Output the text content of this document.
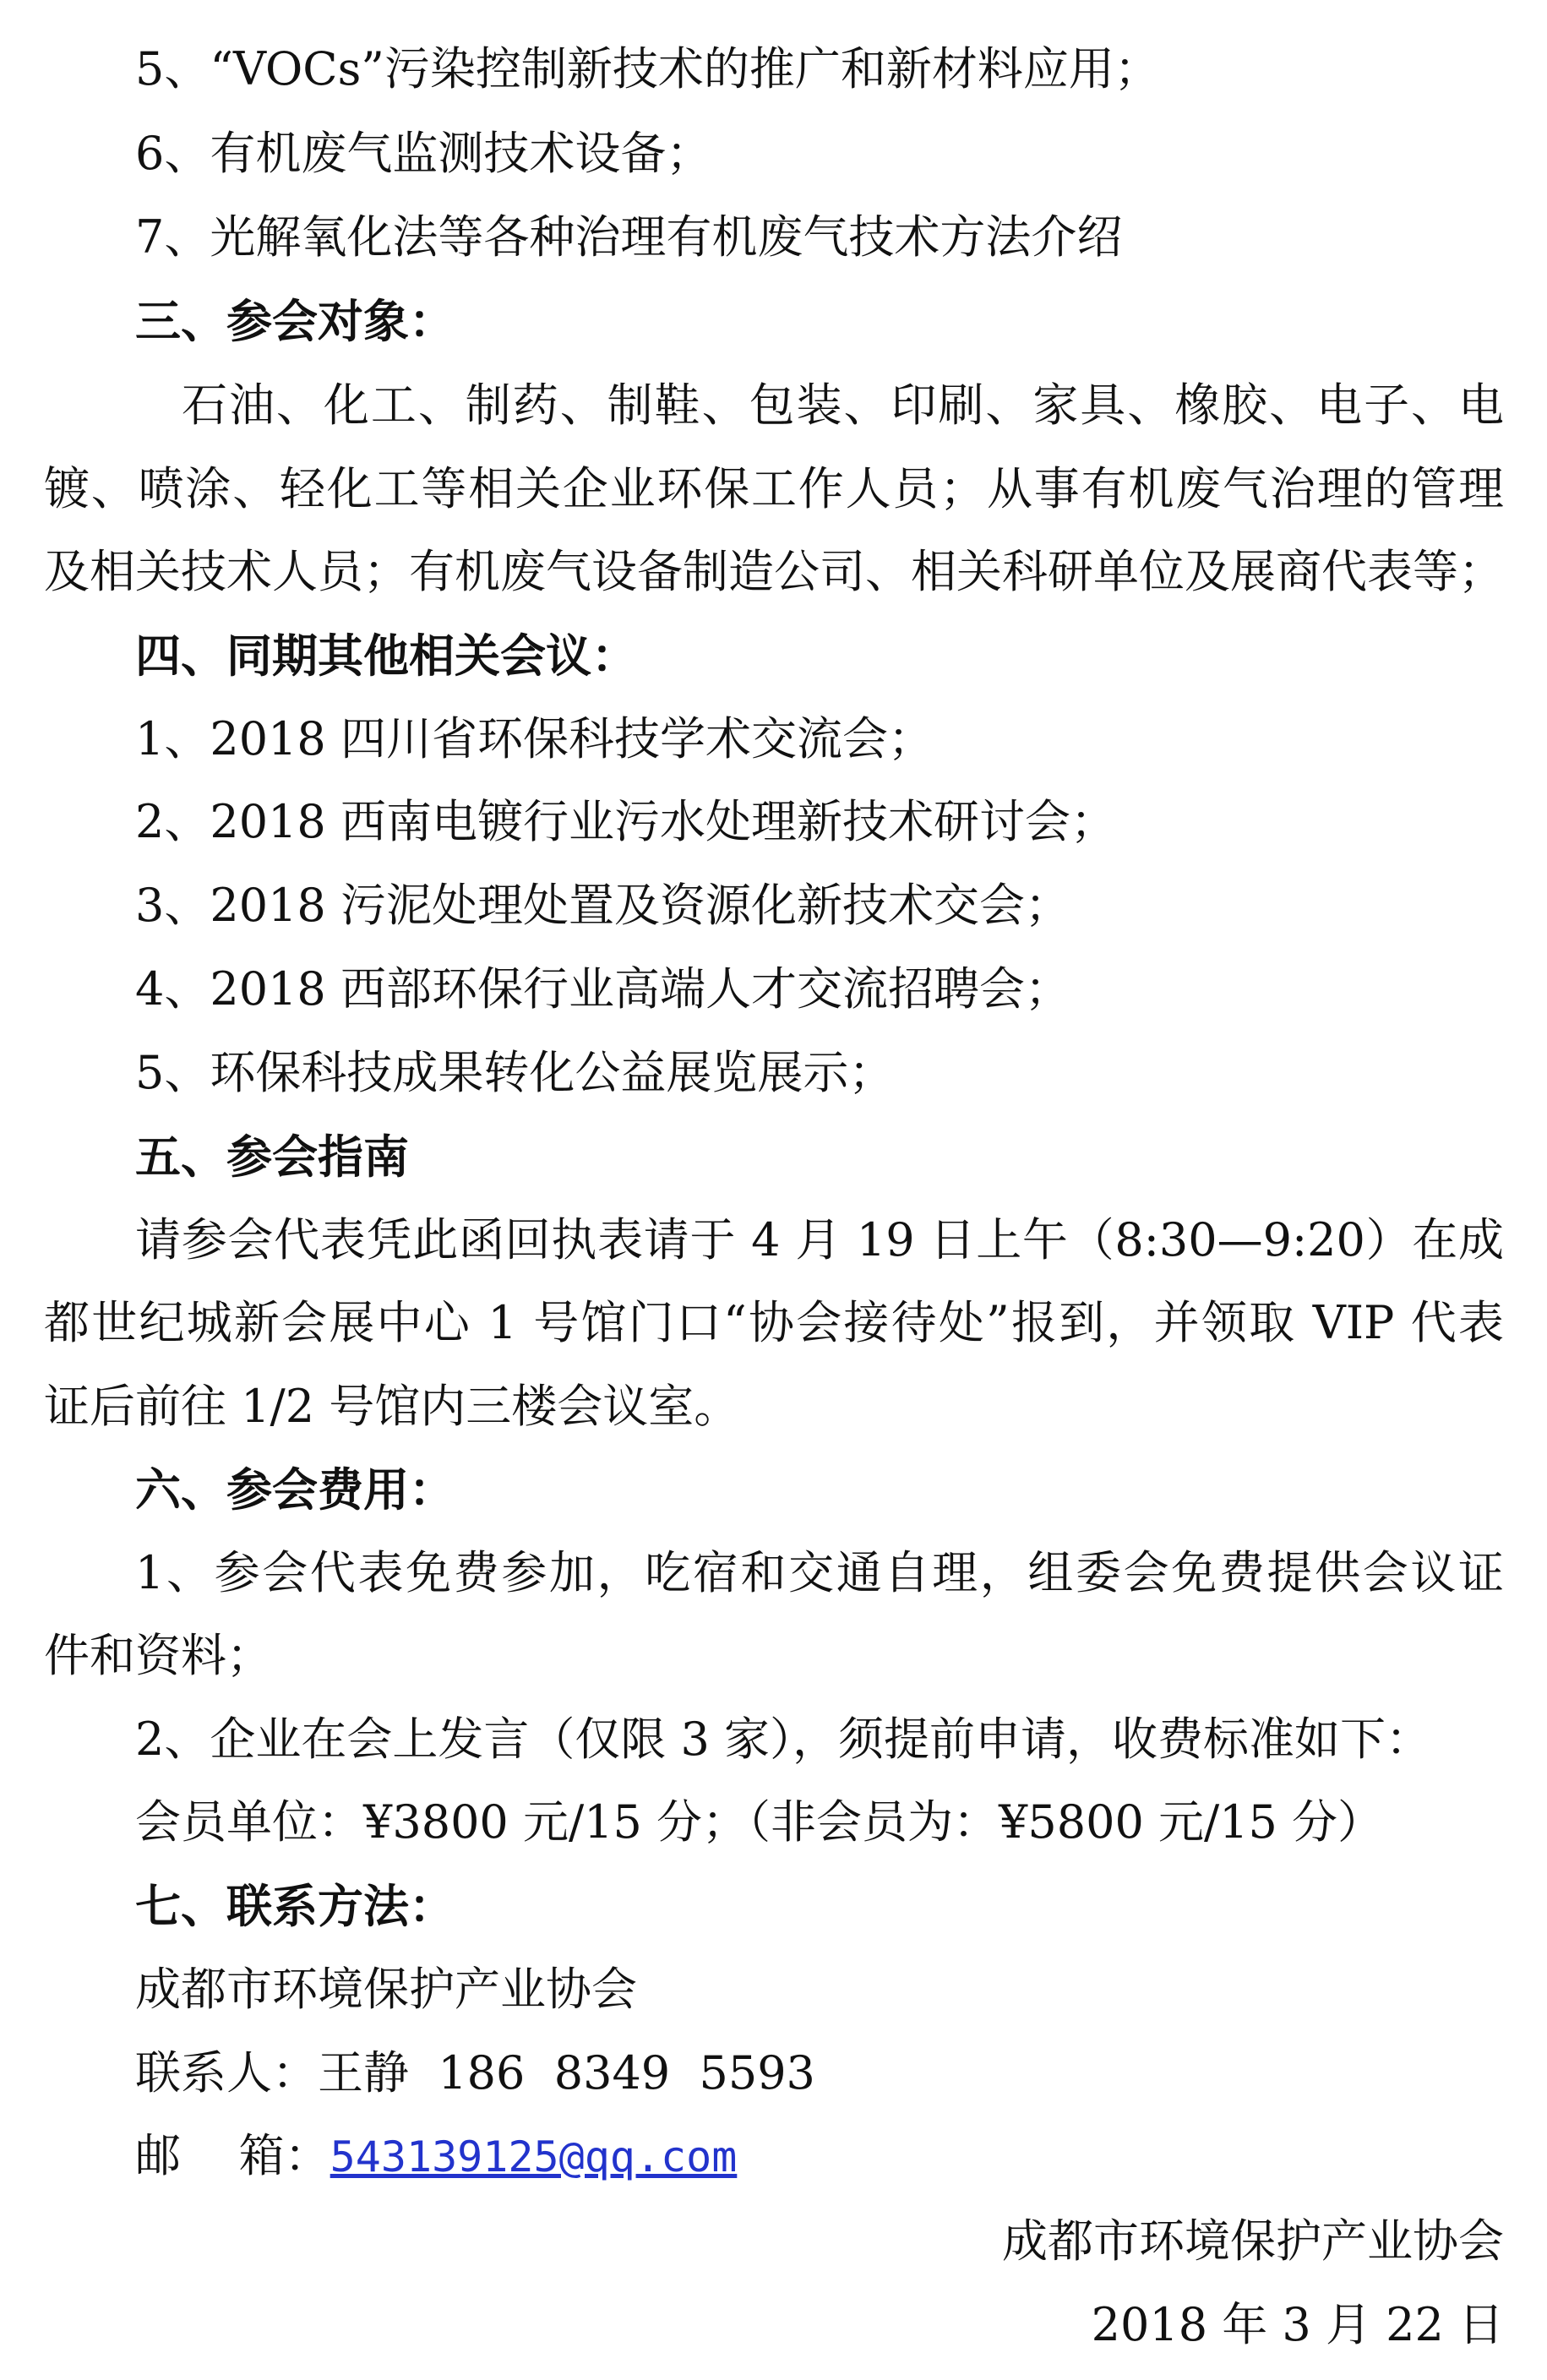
5、“VOCs”污染控制新技术的推广和新材料应用；
6、有机废气监测技术设备；
7、光解氧化法等各种治理有机废气技术方法介绍
三、参会对象：
石油、化工、制药、制鞋、包装、印刷、家具、橡胶、电子、电
镀、喷涂、轻化工等相关企业环保工作人员；从事有机废气治理的管理
及相关技术人员；有机废气设备制造公司、相关科研单位及展商代表等；
四、同期其他相关会议：
1、2018 四川省环保科技学术交流会；
2、2018 西南电镀行业污水处理新技术研讨会；
3、2018 污泥处理处置及资源化新技术交会；
4、2018 西部环保行业高端人才交流招聘会；
5、环保科技成果转化公益展览展示；
五、参会指南
请参会代表凭此函回执表请于 4 月 19 日上午（8:30—9:20）在成
都世纪城新会展中心 1 号馆门口“协会接待处”报到，并领取 VIP 代表
证后前往 1/2 号馆内三楼会议室。
六、参会费用：
1、参会代表免费参加，吃宿和交通自理，组委会免费提供会议证
件和资料；
2、企业在会上发言（仅限 3 家），须提前申请，收费标准如下：
会员单位：¥3800 元/15 分；（非会员为：¥5800 元/15 分）
七、联系方法：
成都市环境保护产业协会
联系人：王静  186  8349  5593
邮    箱：543139125@qq.com
成都市环境保护产业协会
2018 年 3 月 22 日
